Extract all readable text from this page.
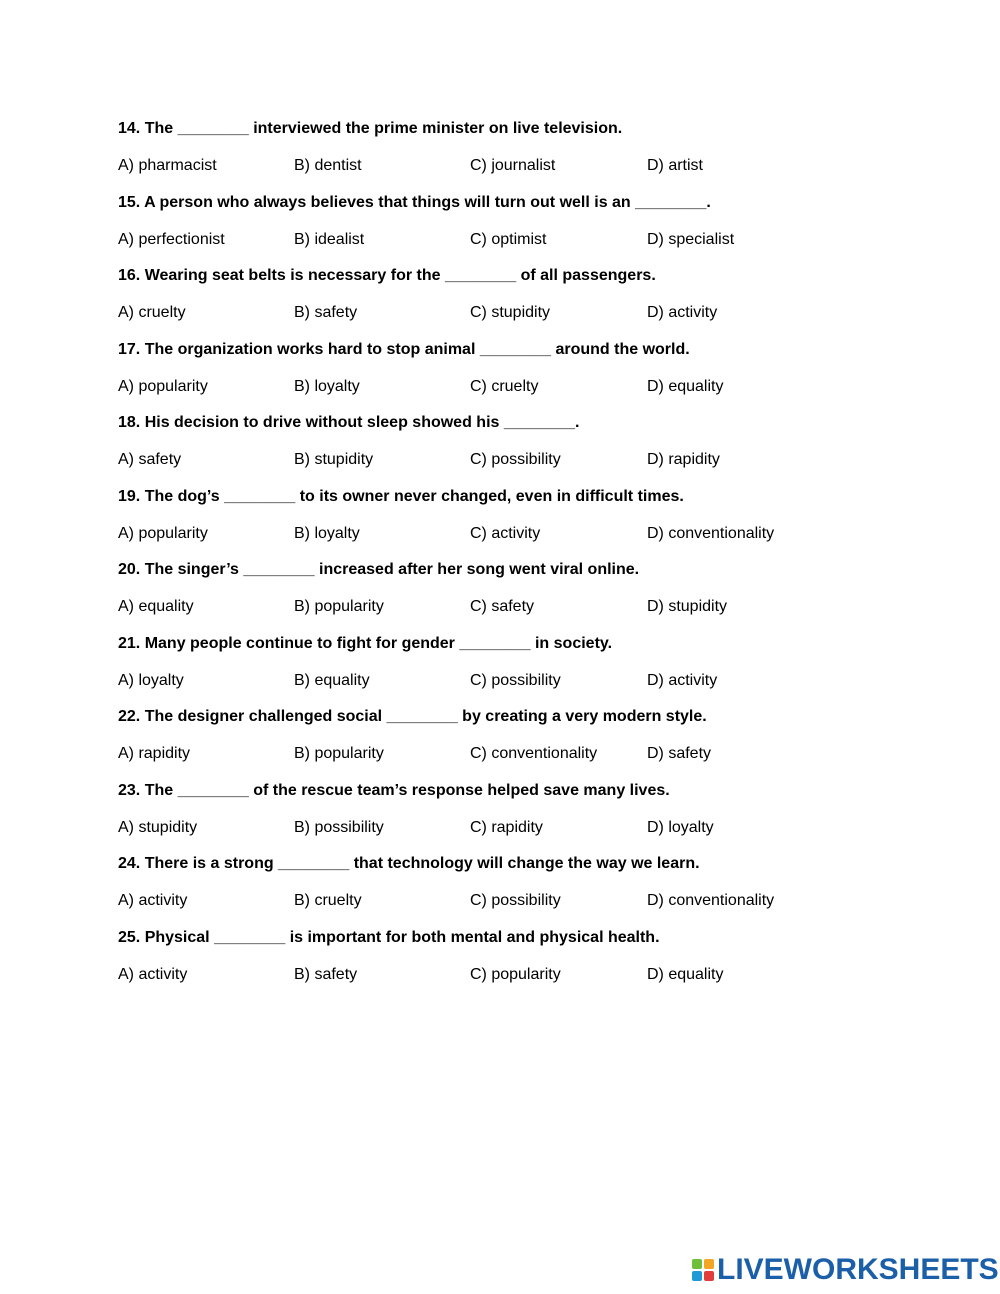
14. The ________ interviewed the prime minister on live television.
A) pharmacist	B) dentist	C) journalist	D) artist
15. A person who always believes that things will turn out well is an ________.
A) perfectionist	B) idealist	C) optimist	D) specialist
16. Wearing seat belts is necessary for the ________ of all passengers.
A) cruelty	B) safety	C) stupidity	D) activity
17. The organization works hard to stop animal ________ around the world.
A) popularity	B) loyalty	C) cruelty	D) equality
18. His decision to drive without sleep showed his ________.
A) safety	B) stupidity	C) possibility	D) rapidity
19. The dog’s ________ to its owner never changed, even in difficult times.
A) popularity	B) loyalty	C) activity	D) conventionality
20. The singer’s ________ increased after her song went viral online.
A) equality	B) popularity	C) safety	D) stupidity
21. Many people continue to fight for gender ________ in society.
A) loyalty	B) equality	C) possibility	D) activity
22. The designer challenged social ________ by creating a very modern style.
A) rapidity	B) popularity	C) conventionality	D) safety
23. The ________ of the rescue team’s response helped save many lives.
A) stupidity	B) possibility	C) rapidity	D) loyalty
24. There is a strong ________ that technology will change the way we learn.
A) activity	B) cruelty	C) possibility	D) conventionality
25. Physical ________ is important for both mental and physical health.
A) activity	B) safety	C) popularity	D) equality
LIVEWORKSHEETS
